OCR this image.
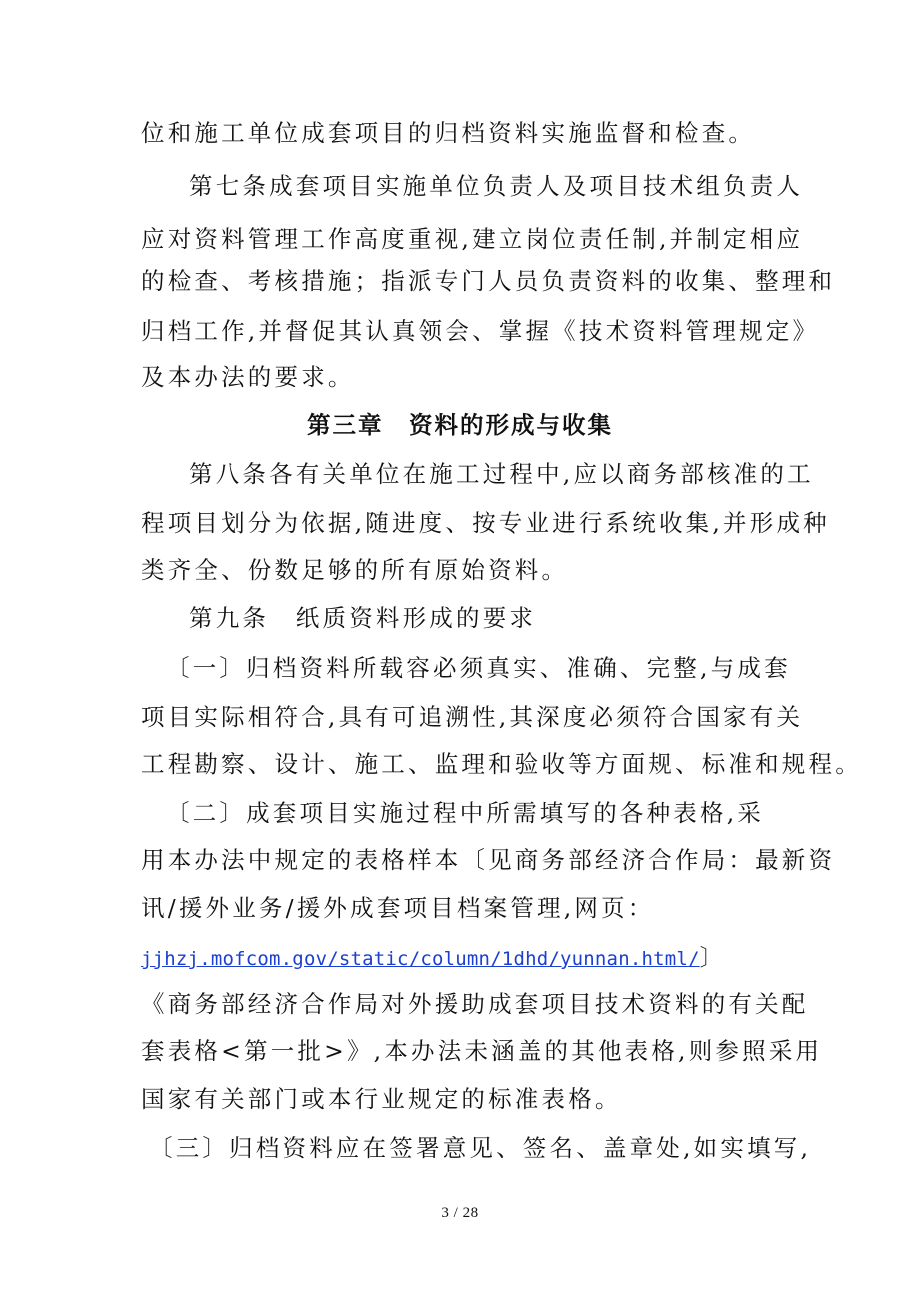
位和施工单位成套项目的归档资料实施监督和检查。
第七条成套项目实施单位负责人及项目技术组负责人
应对资料管理工作高度重视,建立岗位责任制,并制定相应
的检查、考核措施；指派专门人员负责资料的收集、整理和
归档工作,并督促其认真领会、掌握《技术资料管理规定》
及本办法的要求。
第三章　资料的形成与收集
第八条各有关单位在施工过程中,应以商务部核准的工
程项目划分为依据,随进度、按专业进行系统收集,并形成种
类齐全、份数足够的所有原始资料。
第九条　纸质资料形成的要求
〔一〕归档资料所载容必须真实、准确、完整,与成套
项目实际相符合,具有可追溯性,其深度必须符合国家有关
工程勘察、设计、施工、监理和验收等方面规、标准和规程。
〔二〕成套项目实施过程中所需填写的各种表格,采
用本办法中规定的表格样本〔见商务部经济合作局：最新资
讯/援外业务/援外成套项目档案管理,网页：
jjhzj.mofcom.gov/static/column/1dhd/yunnan.html/〕
《商务部经济合作局对外援助成套项目技术资料的有关配
套表格<第一批>》,本办法未涵盖的其他表格,则参照采用
国家有关部门或本行业规定的标准表格。
〔三〕归档资料应在签署意见、签名、盖章处,如实填写,
3 / 28
